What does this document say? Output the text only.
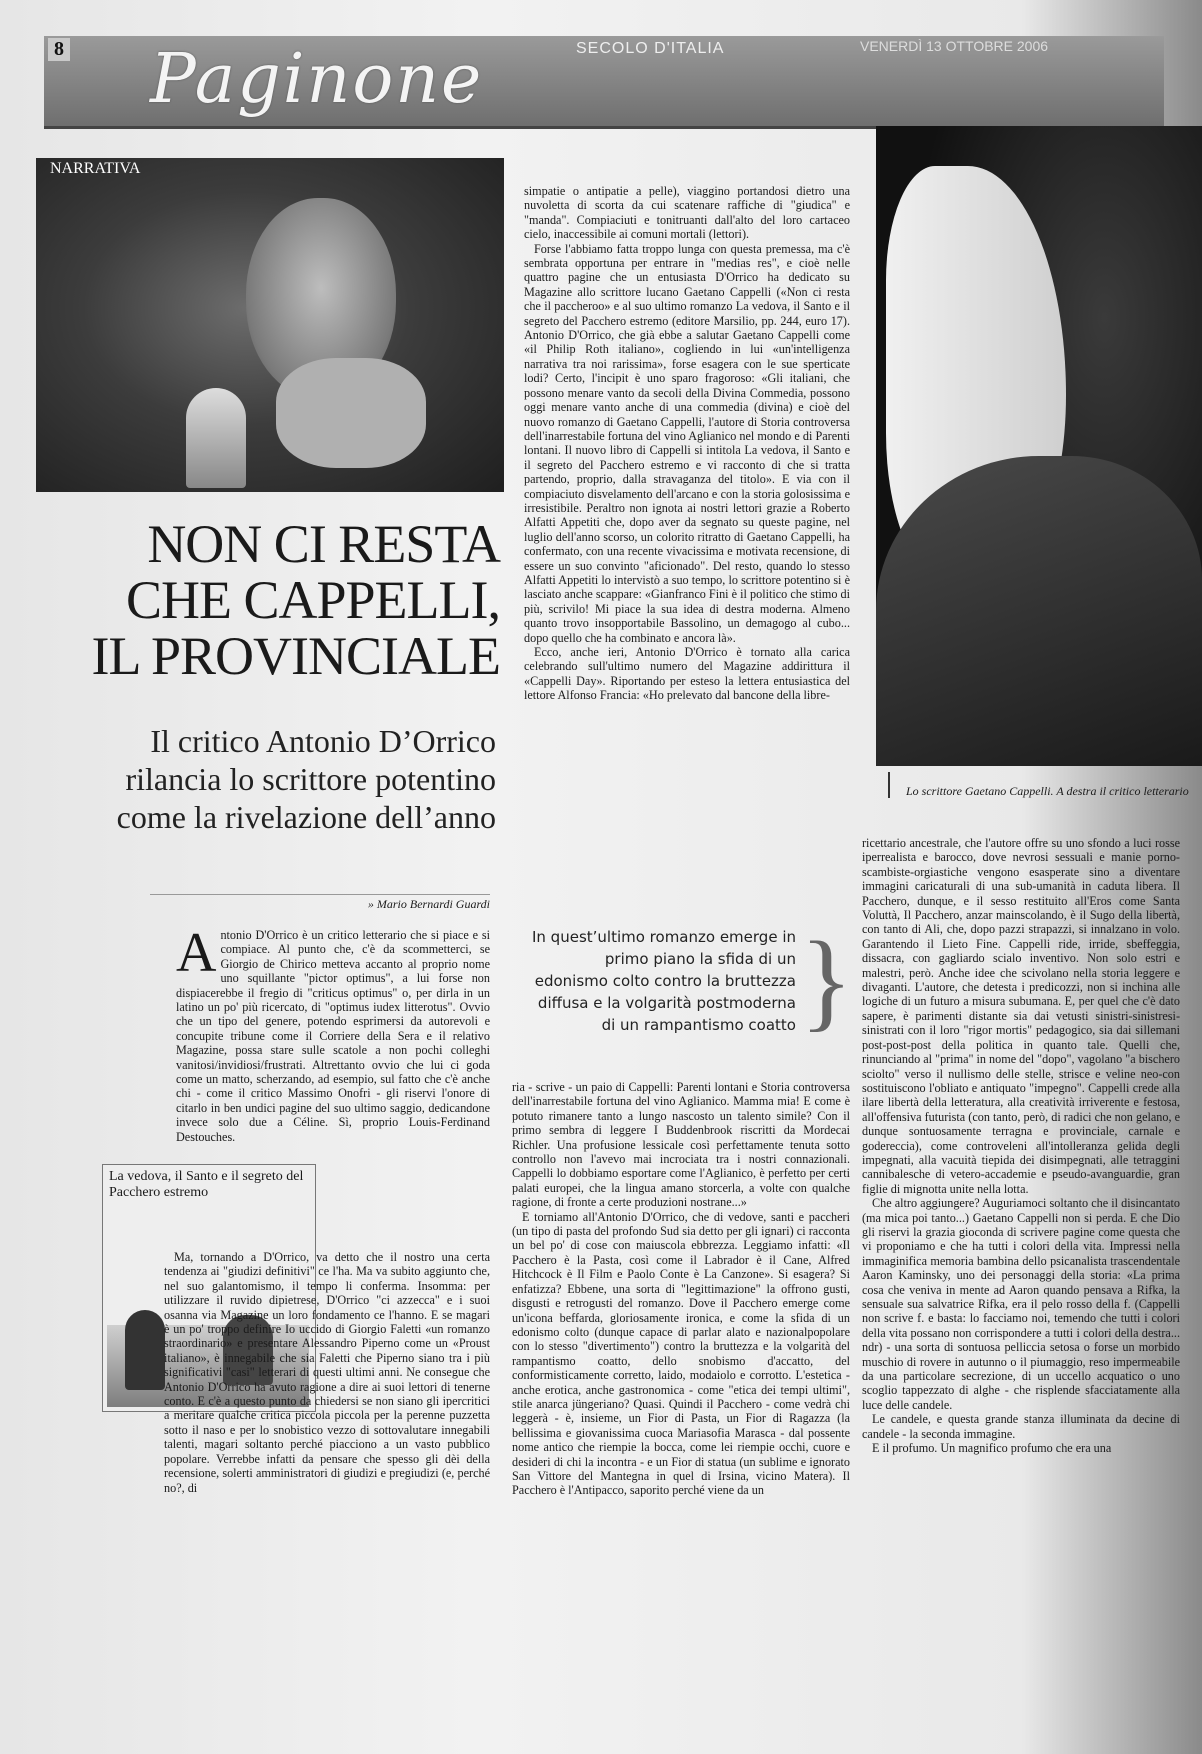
8 Paginone	SECOLO D'ITALIA	VENERDÌ 13 OTTOBRE 2006
NARRATIVA
Lo scrittore Gaetano Cappelli. A destra il critico letterario
NON CI RESTA
CHE CAPPELLI,
IL PROVINCIALE
Il critico Antonio D’Orrico
rilancia lo scrittore potentino
come la rivelazione dell’anno
» Mario Bernardi Guardi

Antonio D'Orrico è un critico letterario che si piace e si compiace. Al punto che, c'è da scommetterci, se Giorgio de Chirico metteva accanto al proprio nome uno squillante "pictor optimus", a lui forse non dispiacerebbe il fregio di "criticus optimus" o, per dirla in un latino un po' più ricercato, di "optimus iudex litterotus". Ovvio che un tipo del genere, potendo esprimersi da autorevoli e concupite tribune come il Corriere della Sera e il relativo Magazine, possa stare sulle scatole a non pochi colleghi vanitosi/invidiosi/frustrati. Altrettanto ovvio che lui ci goda come un matto, scherzando, ad esempio, sul fatto che c'è anche chi - come il critico Massimo Onofri - gli riservi l'onore di citarlo in ben undici pagine del suo ultimo saggio, dedicandone invece solo due a Céline. Sì, proprio Louis-Ferdinand Destouches.

La vedova, il Santo e il segreto del Pacchero estremo

Ma, tornando a D'Orrico, va detto che il nostro una certa tendenza ai "giudizi definitivi" ce l'ha. Ma va subito aggiunto che, nel suo galantomismo, il tempo li conferma. Insomma: per utilizzare il ruvido dipietrese, D'Orrico "ci azzecca" e i suoi osanna via Magazine un loro fondamento ce l'hanno. E se magari è un po' troppo definire Io uccido di Giorgio Faletti «un romanzo straordinario» e presentare Alessandro Piperno come un «Proust italiano», è innegabile che sia Faletti che Piperno siano tra i più significativi "casi" letterari di questi ultimi anni. Ne consegue che Antonio D'Orrico ha avuto ragione a dire ai suoi lettori di tenerne conto. E c'è a questo punto da chiedersi se non siano gli ipercritici a meritare qualche critica piccola piccola per la perenne puzzetta sotto il naso e per lo snobistico vezzo di sottovalutare innegabili talenti, magari soltanto perché piacciono a un vasto pubblico popolare. Verrebbe infatti da pensare che spesso gli dèi della recensione, solerti amministratori di giudizi e pregiudizi (e, perché no?, di

simpatie o antipatie a pelle), viaggino portandosi dietro una nuvoletta di scorta da cui scatenare raffiche di "giudica" e "manda". Compiaciuti e tonitruanti dall'alto del loro cartaceo cielo, inaccessibile ai comuni mortali (lettori).

Forse l'abbiamo fatta troppo lunga con questa premessa, ma c'è sembrata opportuna per entrare in "medias res", e cioè nelle quattro pagine che un entusiasta D'Orrico ha dedicato su Magazine allo scrittore lucano Gaetano Cappelli («Non ci resta che il paccheroo» e al suo ultimo romanzo La vedova, il Santo e il segreto del Pacchero estremo (editore Marsilio, pp. 244, euro 17). Antonio D'Orrico, che già ebbe a salutar Gaetano Cappelli come «il Philip Roth italiano», cogliendo in lui «un'intelligenza narrativa tra noi rarissima», forse esagera con le sue sperticate lodi? Certo, l'incipit è uno sparo fragoroso: «Gli italiani, che possono menare vanto da secoli della Divina Commedia, possono oggi menare vanto anche di una commedia (divina) e cioè del nuovo romanzo di Gaetano Cappelli, l'autore di Storia controversa dell'inarrestabile fortuna del vino Aglianico nel mondo e di Parenti lontani. Il nuovo libro di Cappelli si intitola La vedova, il Santo e il segreto del Pacchero estremo e vi racconto di che si tratta partendo, proprio, dalla stravaganza del titolo». E via con il compiaciuto disvelamento dell'arcano e con la storia golosissima e irresistibile. Peraltro non ignota ai nostri lettori grazie a Roberto Alfatti Appetiti che, dopo aver da segnato su queste pagine, nel luglio dell'anno scorso, un colorito ritratto di Gaetano Cappelli, ha confermato, con una recente vivacissima e motivata recensione, di essere un suo convinto "aficionado". Del resto, quando lo stesso Alfatti Appetiti lo intervistò a suo tempo, lo scrittore potentino si è lasciato anche scappare: «Gianfranco Fini è il politico che stimo di più, scrivilo! Mi piace la sua idea di destra moderna. Almeno quanto trovo insopportabile Bassolino, un demagogo al cubo... dopo quello che ha combinato e ancora là».

Ecco, anche ieri, Antonio D'Orrico è tornato alla carica celebrando sull'ultimo numero del Magazine addirittura il «Cappelli Day». Riportando per esteso la lettera entusiastica del lettore Alfonso Francia: «Ho prelevato dal bancone della libre-

In quest’ultimo romanzo emerge in primo piano la sfida di un edonismo colto contro la bruttezza diffusa e la volgarità postmoderna di un rampantismo coatto }

ria - scrive - un paio di Cappelli: Parenti lontani e Storia controversa dell'inarrestabile fortuna del vino Aglianico. Mamma mia! E come è potuto rimanere tanto a lungo nascosto un talento simile? Con il primo sembra di leggere I Buddenbrook riscritti da Mordecai Richler. Una profusione lessicale così perfettamente tenuta sotto controllo non l'avevo mai incrociata tra i nostri connazionali. Cappelli lo dobbiamo esportare come l'Aglianico, è perfetto per certi palati europei, che la lingua amano storcerla, a volte con qualche ragione, di fronte a certe produzioni nostrane...»

E torniamo all'Antonio D'Orrico, che di vedove, santi e paccheri (un tipo di pasta del profondo Sud sia detto per gli ignari) ci racconta un bel po' di cose con maiuscola ebbrezza. Leggiamo infatti: «Il Pacchero è la Pasta, così come il Labrador è il Cane, Alfred Hitchcock è Il Film e Paolo Conte è La Canzone». Si esagera? Si enfatizza? Ebbene, una sorta di "legittimazione" la offrono gusti, disgusti e retrogusti del romanzo. Dove il Pacchero emerge come un'icona beffarda, gloriosamente ironica, e come la sfida di un edonismo colto (dunque capace di parlar alato e nazionalpopolare con lo stesso "divertimento") contro la bruttezza e la volgarità del rampantismo coatto, dello snobismo d'accatto, del conformisticamente corretto, laido, modaiolo e corrotto. L'estetica - anche erotica, anche gastronomica - come "etica dei tempi ultimi", stile anarca jüngeriano? Quasi. Quindi il Pacchero - come vedrà chi leggerà - è, insieme, un Fior di Pasta, un Fior di Ragazza (la bellissima e giovanissima cuoca Mariasofia Marasca - dal possente nome antico che riempie la bocca, come lei riempie occhi, cuore e desideri di chi la incontra - e un Fior di statua (un sublime e ignorato San Vittore del Mantegna in quel di Irsina, vicino Matera). Il Pacchero è l'Antipacco, saporito perché viene da un

ricettario ancestrale, che l'autore offre su uno sfondo a luci rosse iperrealista e barocco, dove nevrosi sessuali e manie porno-scambiste-orgiastiche vengono esasperate sino a diventare immagini caricaturali di una sub-umanità in caduta libera. Il Pacchero, dunque, e il sesso restituito all'Eros come Santa Voluttà, Il Pacchero, anzar mainscolando, è il Sugo della libertà, con tanto di Ali, che, dopo pazzi strapazzi, si innalzano in volo. Garantendo il Lieto Fine. Cappelli ride, irride, sbeffeggia, dissacra, con gagliardo scialo inventivo. Non solo estri e malestri, però. Anche idee che scivolano nella storia leggere e divaganti. L'autore, che detesta i predicozzi, non si inchina alle logiche di un futuro a misura subumana. E, per quel che c'è dato sapere, è parimenti distante sia dai vetusti sinistri-sinistresi-sinistrati con il loro "rigor mortis" pedagogico, sia dai sillemani post-post-post della politica in quanto tale. Quelli che, rinunciando al "prima" in nome del "dopo", vagolano "a bischero sciolto" verso il nullismo delle stelle, strisce e veline neo-con sostituiscono l'obliato e antiquato "impegno". Cappelli crede alla ilare libertà della letteratura, alla creatività irriverente e festosa, all'offensiva futurista (con tanto, però, di radici che non gelano, e dunque sontuosamente terragna e provinciale, carnale e godereccia), come controveleni all'intolleranza gelida degli impegnati, alla vacuità tiepida dei disimpegnati, alle tetraggini cannibalesche di vetero-accademie e pseudo-avanguardie, gran figlie di mignotta unite nella lotta.

Che altro aggiungere? Auguriamoci soltanto che il disincantato (ma mica poi tanto...) Gaetano Cappelli non si perda. E che Dio gli riservi la grazia gioconda di scrivere pagine come questa che vi proponiamo e che ha tutti i colori della vita. Impressi nella immaginifica memoria bambina dello psicanalista trascendentale Aaron Kaminsky, uno dei personaggi della storia: «La prima cosa che veniva in mente ad Aaron quando pensava a Rifka, la sensuale sua salvatrice Rifka, era il pelo rosso della f. (Cappelli non scrive f. e basta: lo facciamo noi, temendo che tutti i colori della vita possano non corrispondere a tutti i colori della destra... ndr) - una sorta di sontuosa pelliccia setosa o forse un morbido muschio di rovere in autunno o il piumaggio, reso impermeabile da una particolare secrezione, di un uccello acquatico o uno scoglio tappezzato di alghe - che risplende sfacciatamente alla luce delle candele.

Le candele, e questa grande stanza illuminata da decine di candele - la seconda immagine.

E il profumo. Un magnifico profumo che era una
